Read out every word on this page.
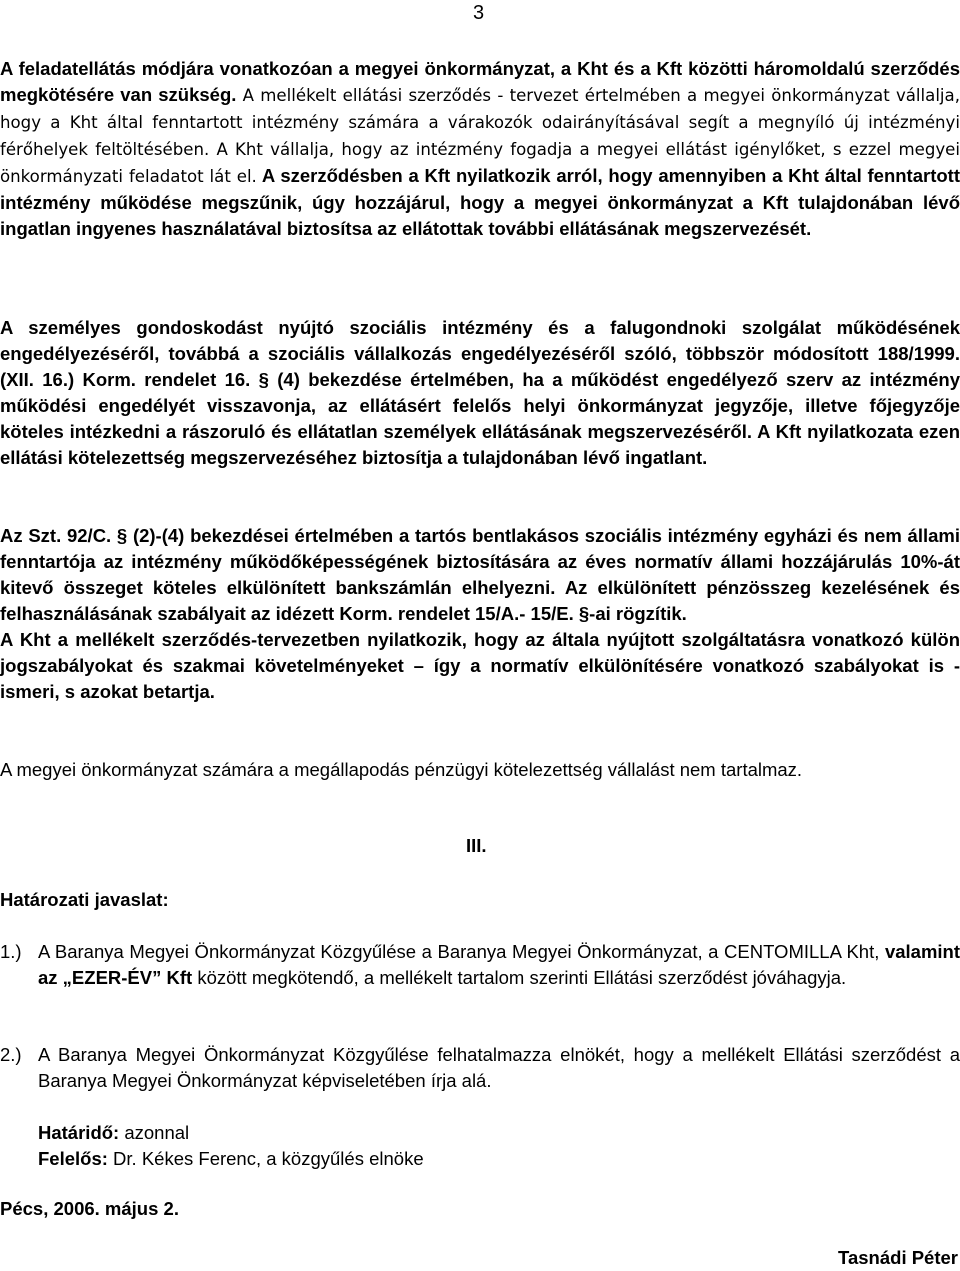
3
A feladatellátás módjára vonatkozóan a megyei önkormányzat, a Kht és a Kft közötti háromoldalú szerződés megkötésére van szükség. A mellékelt ellátási szerződés - tervezet értelmében a megyei önkormányzat vállalja, hogy a Kht által fenntartott intézmény számára a várakozók odairányításával segít a megnyíló új intézményi férőhelyek feltöltésében. A Kht vállalja, hogy az intézmény fogadja a megyei ellátást igénylőket, s ezzel megyei önkormányzati feladatot lát el. A szerződésben a Kft nyilatkozik arról, hogy amennyiben a Kht által fenntartott intézmény működése megszűnik, úgy hozzájárul, hogy a megyei önkormányzat a Kft tulajdonában lévő ingatlan ingyenes használatával biztosítsa az ellátottak további ellátásának megszervezését.
A személyes gondoskodást nyújtó szociális intézmény és a falugondnoki szolgálat működésének engedélyezéséről, továbbá a szociális vállalkozás engedélyezéséről szóló, többször módosított 188/1999. (XII. 16.) Korm. rendelet 16. § (4) bekezdése értelmében, ha a működést engedélyező szerv az intézmény működési engedélyét visszavonja, az ellátásért felelős helyi önkormányzat jegyzője, illetve főjegyzője köteles intézkedni a rászoruló és ellátatlan személyek ellátásának megszervezéséről. A Kft nyilatkozata ezen ellátási kötelezettség megszervezéséhez biztosítja a tulajdonában lévő ingatlant.
Az Szt. 92/C. § (2)-(4) bekezdései értelmében a tartós bentlakásos szociális intézmény egyházi és nem állami fenntartója az intézmény működőképességének biztosítására az éves normatív állami hozzájárulás 10%-át kitevő összeget köteles elkülönített bankszámlán elhelyezni. Az elkülönített pénzösszeg kezelésének és felhasználásának szabályait az idézett Korm. rendelet 15/A.- 15/E. §-ai rögzítik.
A Kht a mellékelt szerződés-tervezetben nyilatkozik, hogy az általa nyújtott szolgáltatásra vonatkozó külön jogszabályokat és szakmai követelményeket – így a normatív elkülönítésére vonatkozó szabályokat is - ismeri, s azokat betartja.
A megyei önkormányzat számára a megállapodás pénzügyi kötelezettség vállalást nem tartalmaz.
III.
Határozati javaslat:
1.) A Baranya Megyei Önkormányzat Közgyűlése a Baranya Megyei Önkormányzat, a CENTOMILLA Kht, valamint az „EZER-ÉV” Kft között megkötendő, a mellékelt tartalom szerinti Ellátási szerződést jóváhagyja.
2.) A Baranya Megyei Önkormányzat Közgyűlése felhatalmazza elnökét, hogy a mellékelt Ellátási szerződést a Baranya Megyei Önkormányzat képviseletében írja alá.
Határidő: azonnal
Felelős: Dr. Kékes Ferenc, a közgyűlés elnöke
Pécs, 2006. május 2.
Tasnádi Péter
